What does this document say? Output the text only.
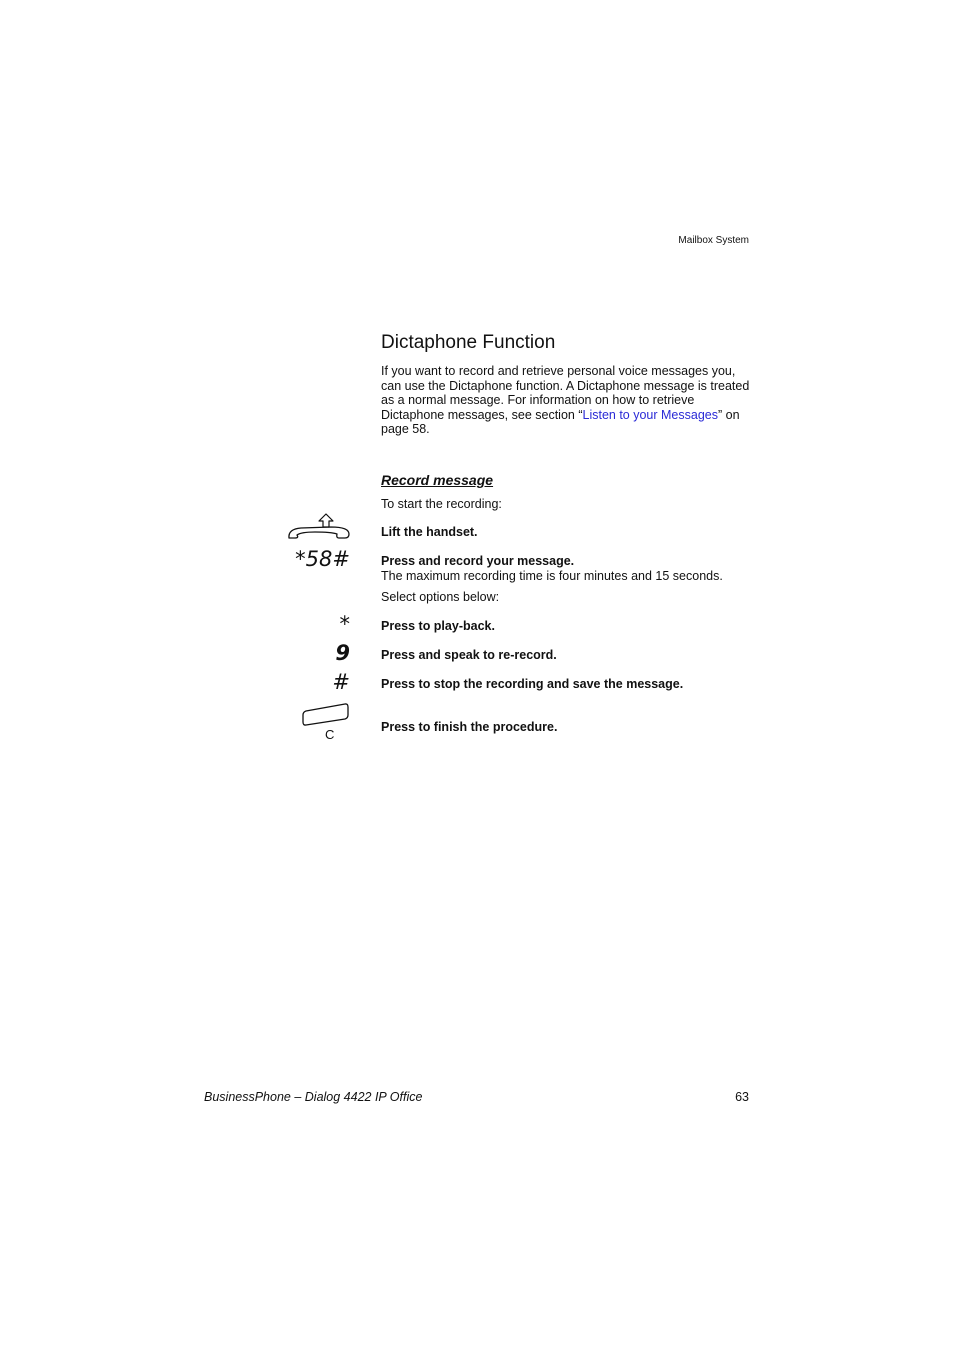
Mailbox System
Dictaphone Function

If you want to record and retrieve personal voice messages you, can use the Dictaphone function. A Dictaphone message is treated as a normal message. For information on how to retrieve Dictaphone messages, see section “Listen to your Messages” on page 58.

Record message
To start the recording:
Lift the handset.
*58# Press and record your message.
The maximum recording time is four minutes and 15 seconds.
Select options below:
* Press to play-back.
9 Press and speak to re-record.
# Press to stop the recording and save the message.
C	Press to finish the procedure.
BusinessPhone – Dialog 4422 IP Office	63
